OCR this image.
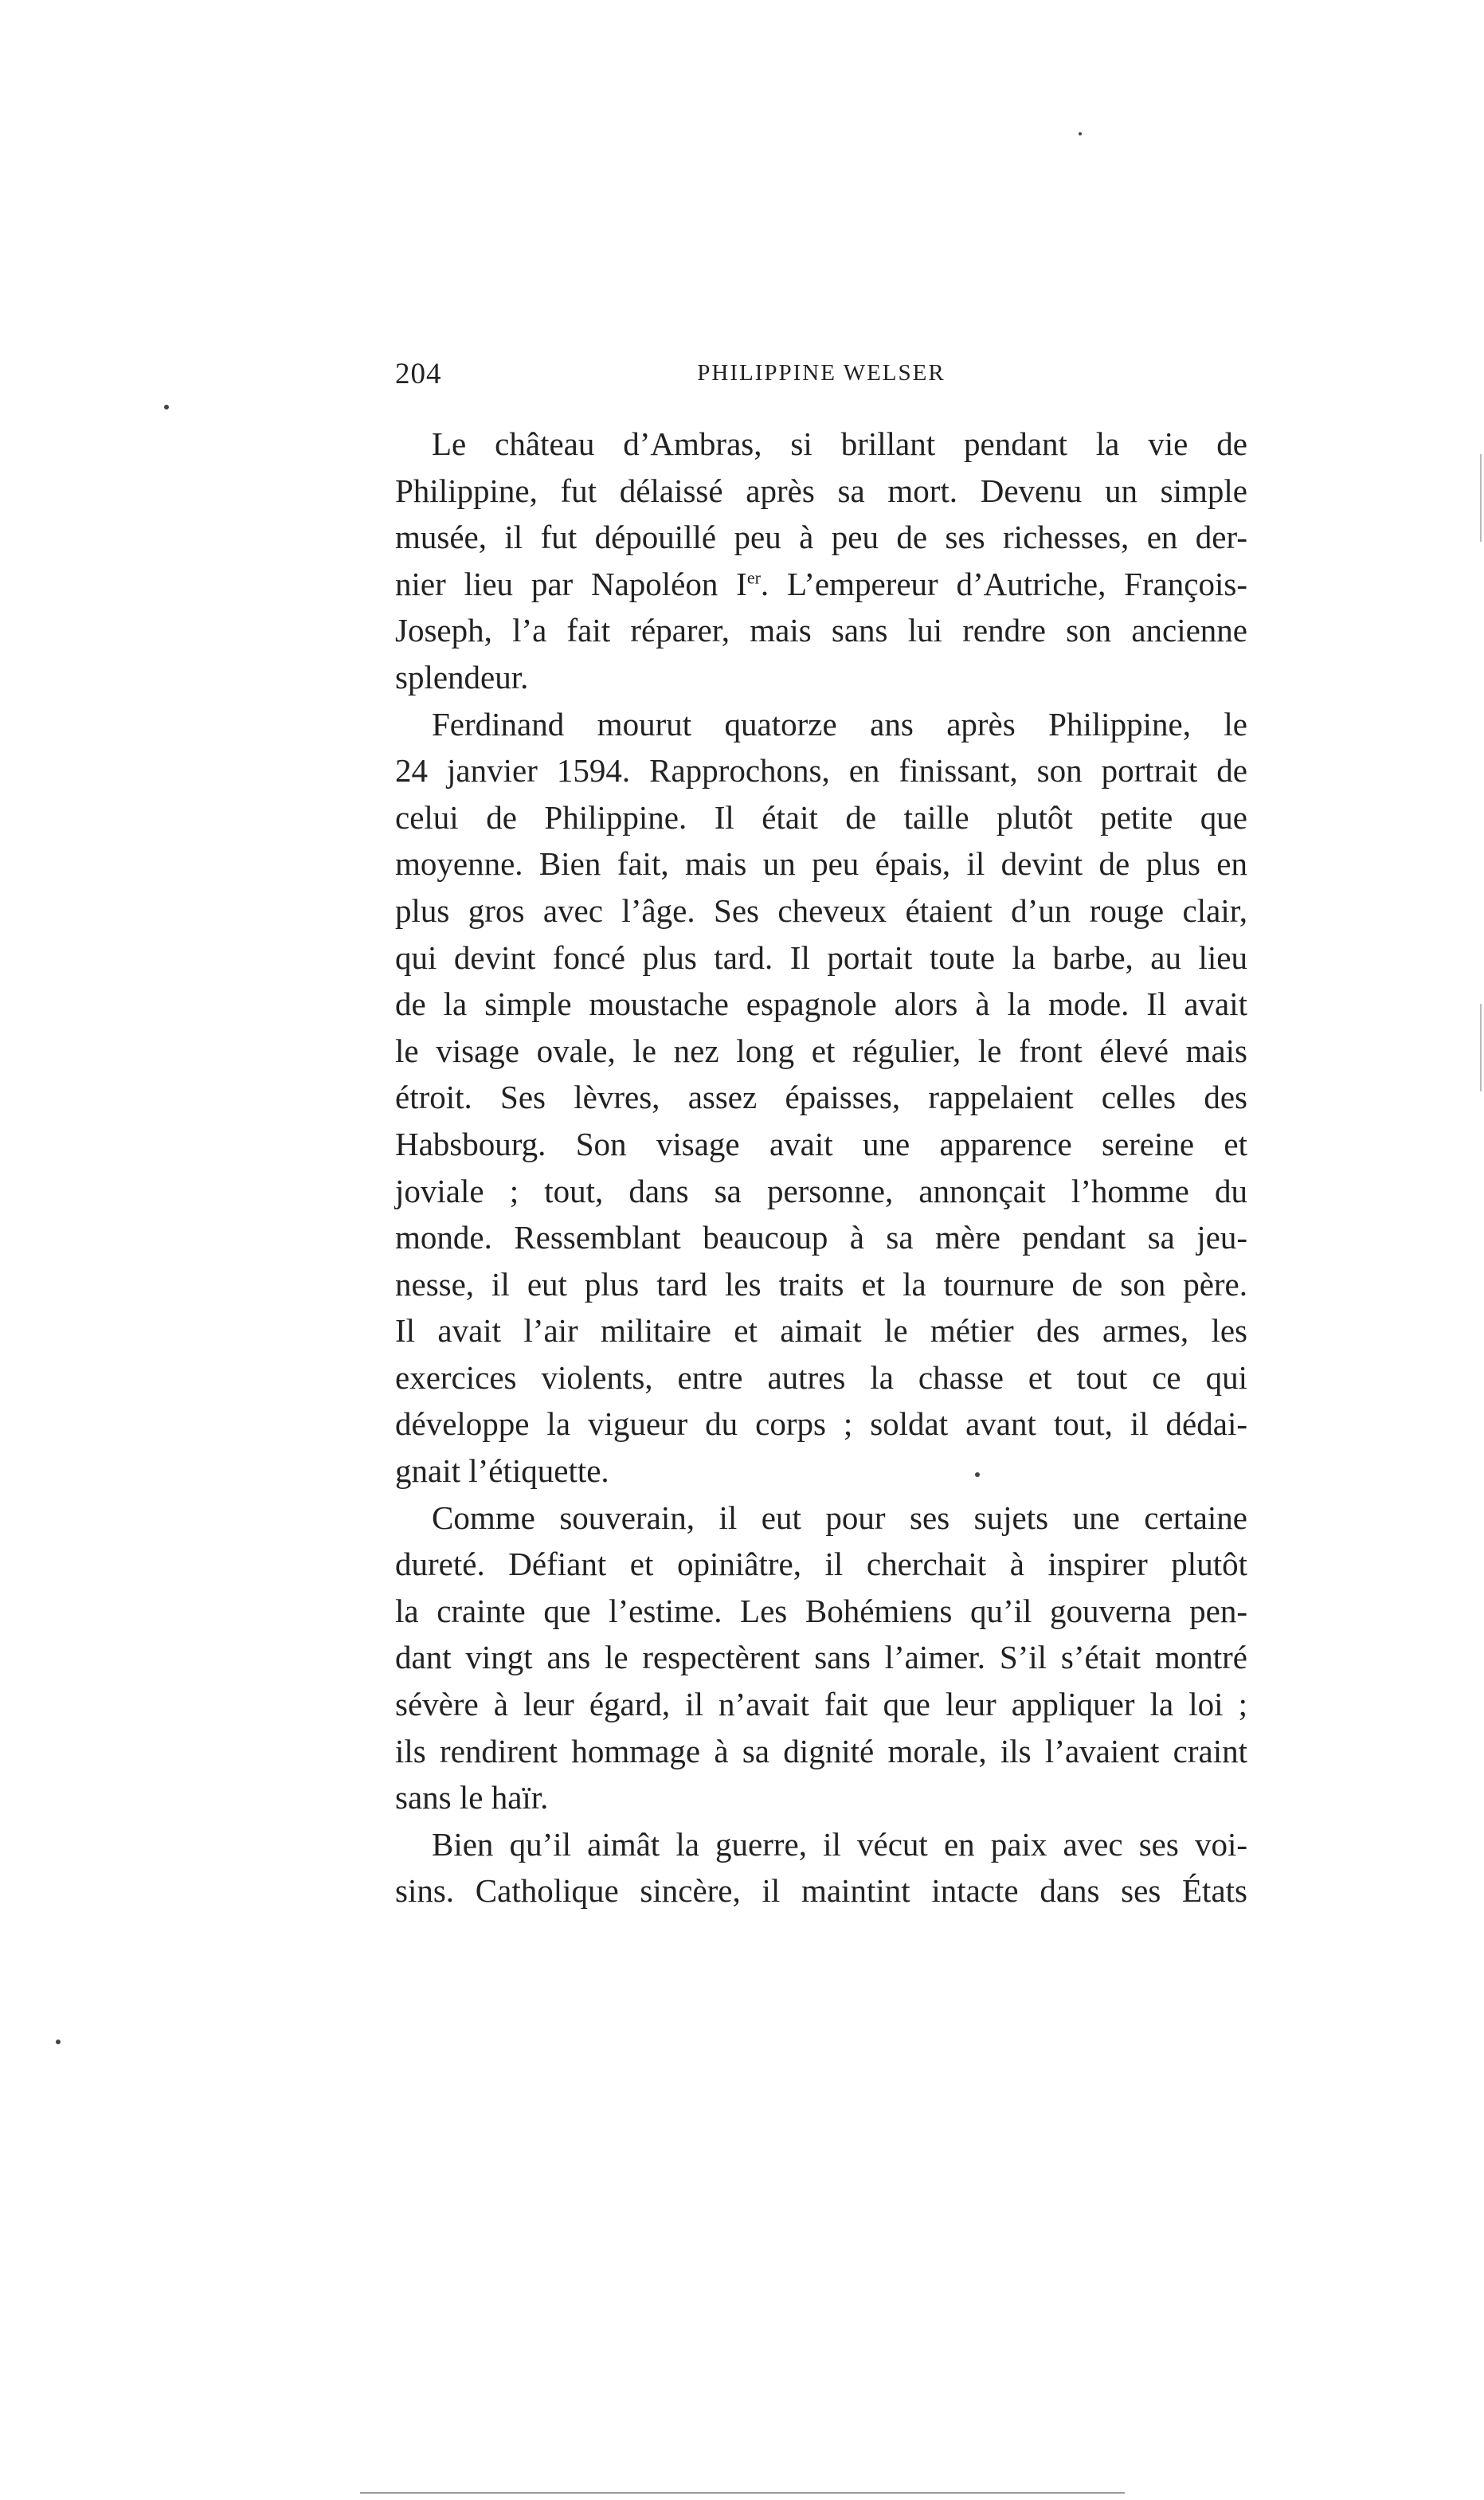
204	PHILIPPINE WELSER
Le château d’Ambras, si brillant pendant la vie de
Philippine, fut délaissé après sa mort. Devenu un simple
musée, il fut dépouillé peu à peu de ses richesses, en der-
nier lieu par Napoléon Ier. L’empereur d’Autriche, François-
Joseph, l’a fait réparer, mais sans lui rendre son ancienne
splendeur.
Ferdinand mourut quatorze ans après Philippine, le
24 janvier 1594. Rapprochons, en finissant, son portrait de
celui de Philippine. Il était de taille plutôt petite que
moyenne. Bien fait, mais un peu épais, il devint de plus en
plus gros avec l’âge. Ses cheveux étaient d’un rouge clair,
qui devint foncé plus tard. Il portait toute la barbe, au lieu
de la simple moustache espagnole alors à la mode. Il avait
le visage ovale, le nez long et régulier, le front élevé mais
étroit. Ses lèvres, assez épaisses, rappelaient celles des
Habsbourg. Son visage avait une apparence sereine et
joviale ; tout, dans sa personne, annonçait l’homme du
monde. Ressemblant beaucoup à sa mère pendant sa jeu-
nesse, il eut plus tard les traits et la tournure de son père.
Il avait l’air militaire et aimait le métier des armes, les
exercices violents, entre autres la chasse et tout ce qui
développe la vigueur du corps ; soldat avant tout, il dédai-
gnait l’étiquette.
Comme souverain, il eut pour ses sujets une certaine
dureté. Défiant et opiniâtre, il cherchait à inspirer plutôt
la crainte que l’estime. Les Bohémiens qu’il gouverna pen-
dant vingt ans le respectèrent sans l’aimer. S’il s’était montré
sévère à leur égard, il n’avait fait que leur appliquer la loi ;
ils rendirent hommage à sa dignité morale, ils l’avaient craint
sans le haïr.
Bien qu’il aimât la guerre, il vécut en paix avec ses voi-
sins. Catholique sincère, il maintint intacte dans ses États
